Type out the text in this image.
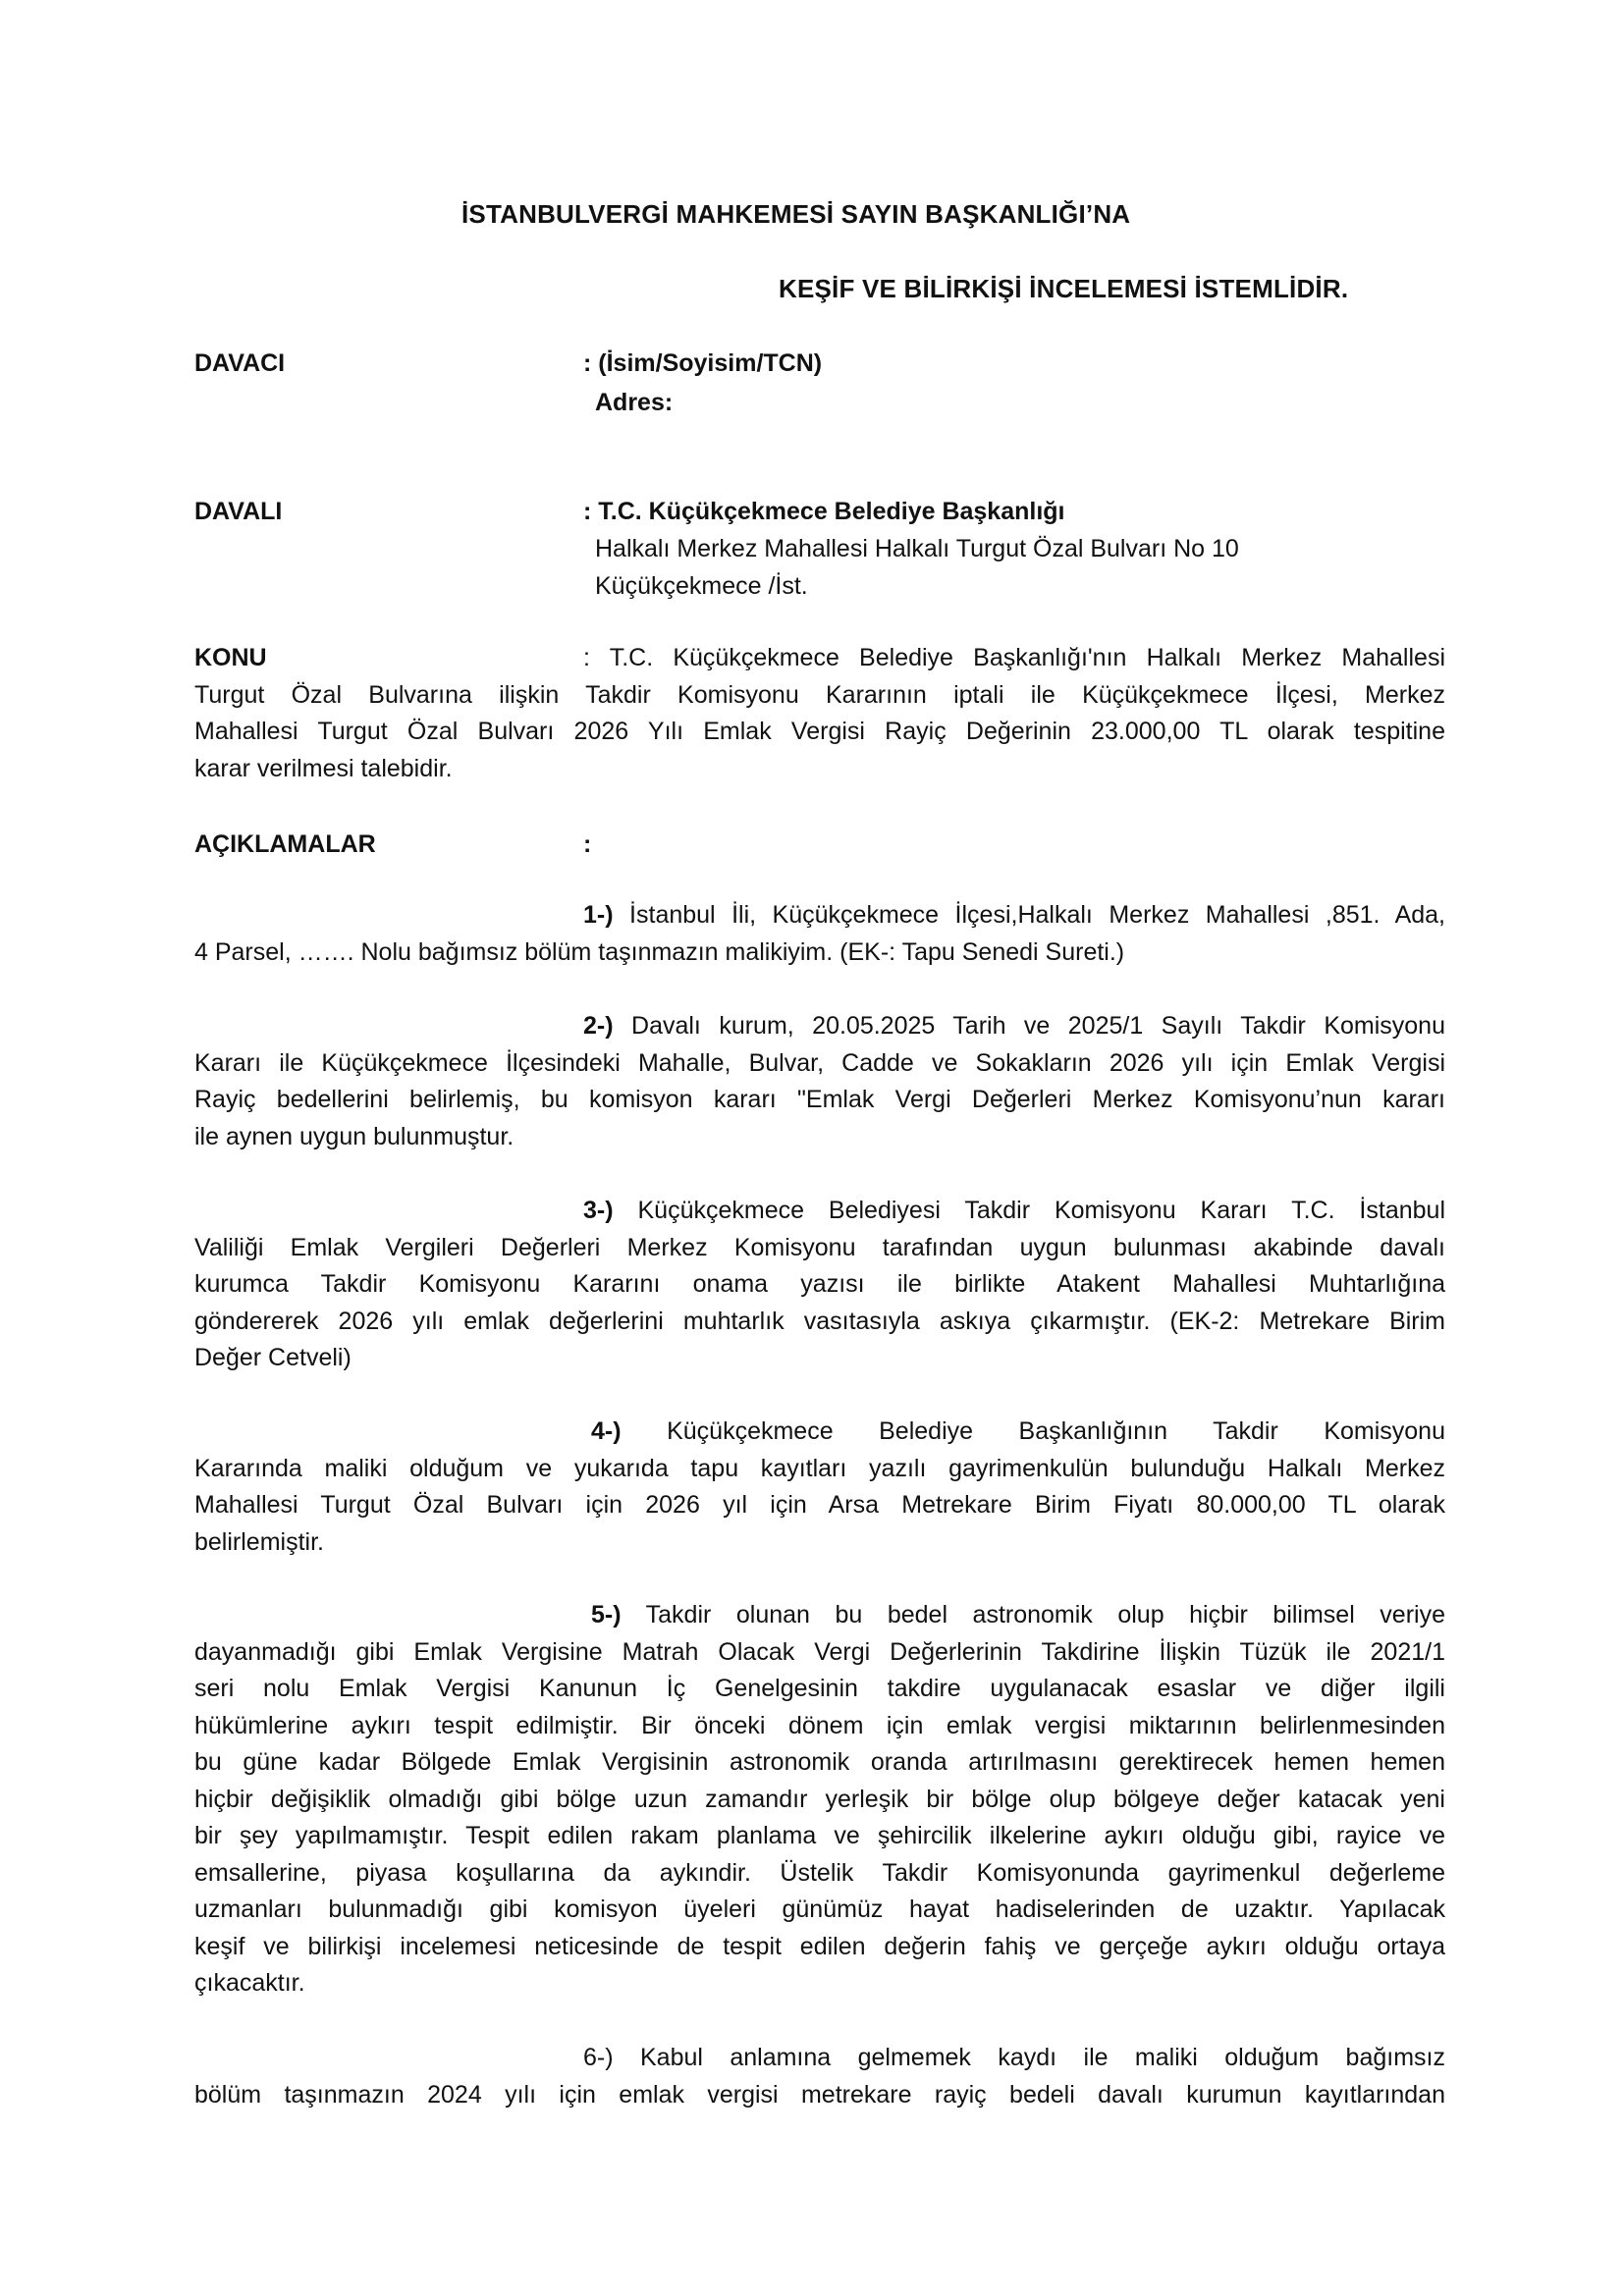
İSTANBULVERGİ MAHKEMESİ SAYIN BAŞKANLIĞI’NA
KEŞİF VE BİLİRKİŞİ İNCELEMESİ İSTEMLİDİR.
DAVACI	: (İsim/Soyisim/TCN)
Adres:
DAVALI	: T.C. Küçükçekmece Belediye Başkanlığı
Halkalı Merkez Mahallesi Halkalı Turgut Özal Bulvarı No 10
Küçükçekmece /İst.
KONU	: T.C. Küçükçekmece Belediye Başkanlığı'nın Halkalı Merkez Mahallesi
Turgut Özal Bulvarına ilişkin Takdir Komisyonu Kararının iptali ile Küçükçekmece İlçesi, Merkez
Mahallesi Turgut Özal Bulvarı 2026 Yılı Emlak Vergisi Rayiç Değerinin 23.000,00 TL olarak tespitine
karar verilmesi talebidir.
AÇIKLAMALAR	:
1-) İstanbul İli, Küçükçekmece İlçesi,Halkalı Merkez Mahallesi ,851. Ada,
4 Parsel, ……. Nolu bağımsız bölüm taşınmazın malikiyim. (EK-: Tapu Senedi Sureti.)
2-) Davalı kurum, 20.05.2025 Tarih ve 2025/1 Sayılı Takdir Komisyonu
Kararı ile Küçükçekmece İlçesindeki Mahalle, Bulvar, Cadde ve Sokakların 2026 yılı için Emlak Vergisi
Rayiç bedellerini belirlemiş, bu komisyon kararı "Emlak Vergi Değerleri Merkez Komisyonu’nun kararı
ile aynen uygun bulunmuştur.
3-) Küçükçekmece Belediyesi Takdir Komisyonu Kararı T.C. İstanbul
Valiliği Emlak Vergileri Değerleri Merkez Komisyonu tarafından uygun bulunması akabinde davalı
kurumca Takdir Komisyonu Kararını onama yazısı ile birlikte Atakent Mahallesi Muhtarlığına
göndererek 2026 yılı emlak değerlerini muhtarlık vasıtasıyla askıya çıkarmıştır. (EK-2: Metrekare Birim
Değer Cetveli)
4-) Küçükçekmece Belediye Başkanlığının Takdir Komisyonu
Kararında maliki olduğum ve yukarıda tapu kayıtları yazılı gayrimenkulün bulunduğu Halkalı Merkez
Mahallesi Turgut Özal Bulvarı için 2026 yıl için Arsa Metrekare Birim Fiyatı 80.000,00 TL olarak
belirlemiştir.
5-) Takdir olunan bu bedel astronomik olup hiçbir bilimsel veriye
dayanmadığı gibi Emlak Vergisine Matrah Olacak Vergi Değerlerinin Takdirine İlişkin Tüzük ile 2021/1
seri nolu Emlak Vergisi Kanunun İç Genelgesinin takdire uygulanacak esaslar ve diğer ilgili
hükümlerine aykırı tespit edilmiştir. Bir önceki dönem için emlak vergisi miktarının belirlenmesinden
bu güne kadar Bölgede Emlak Vergisinin astronomik oranda artırılmasını gerektirecek hemen hemen
hiçbir değişiklik olmadığı gibi bölge uzun zamandır yerleşik bir bölge olup bölgeye değer katacak yeni
bir şey yapılmamıştır. Tespit edilen rakam planlama ve şehircilik ilkelerine aykırı olduğu gibi, rayice ve
emsallerine, piyasa koşullarına da aykındir. Üstelik Takdir Komisyonunda gayrimenkul değerleme
uzmanları bulunmadığı gibi komisyon üyeleri günümüz hayat hadiselerinden de uzaktır. Yapılacak
keşif ve bilirkişi incelemesi neticesinde de tespit edilen değerin fahiş ve gerçeğe aykırı olduğu ortaya
çıkacaktır.
6-) Kabul anlamına gelmemek kaydı ile maliki olduğum bağımsız
bölüm taşınmazın 2024 yılı için emlak vergisi metrekare rayiç bedeli davalı kurumun kayıtlarından
